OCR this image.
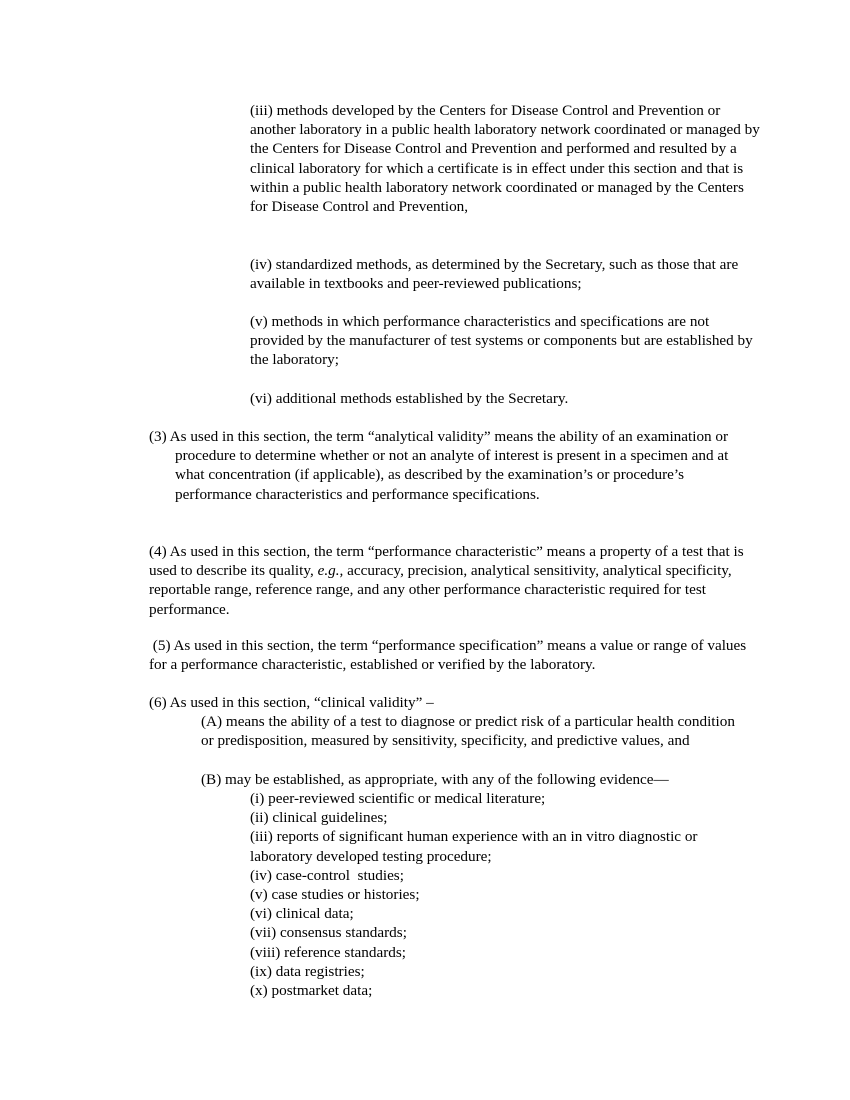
(iii) methods developed by the Centers for Disease Control and Prevention or another laboratory in a public health laboratory network coordinated or managed by the Centers for Disease Control and Prevention and performed and resulted by a clinical laboratory for which a certificate is in effect under this section and that is within a public health laboratory network coordinated or managed by the Centers for Disease Control and Prevention,

(iv) standardized methods, as determined by the Secretary, such as those that are available in textbooks and peer-reviewed publications;

(v) methods in which performance characteristics and specifications are not provided by the manufacturer of test systems or components but are established by the laboratory;

(vi) additional methods established by the Secretary.

(3) As used in this section, the term “analytical validity” means the ability of an examination or procedure to determine whether or not an analyte of interest is present in a specimen and at what concentration (if applicable), as described by the examination’s or procedure’s performance characteristics and performance specifications.

(4) As used in this section, the term “performance characteristic” means a property of a test that is used to describe its quality, e.g., accuracy, precision, analytical sensitivity, analytical specificity, reportable range, reference range, and any other performance characteristic required for test performance.

(5) As used in this section, the term “performance specification” means a value or range of values for a performance characteristic, established or verified by the laboratory.

(6) As used in this section, “clinical validity” –

(A) means the ability of a test to diagnose or predict risk of a particular health condition or predisposition, measured by sensitivity, specificity, and predictive values, and

(B) may be established, as appropriate, with any of the following evidence—

(i) peer-reviewed scientific or medical literature;
(ii) clinical guidelines;
(iii) reports of significant human experience with an in vitro diagnostic or laboratory developed testing procedure;
(iv) case-control  studies;
(v) case studies or histories;
(vi) clinical data;
(vii) consensus standards;
(viii) reference standards;
(ix) data registries;
(x) postmarket data;
